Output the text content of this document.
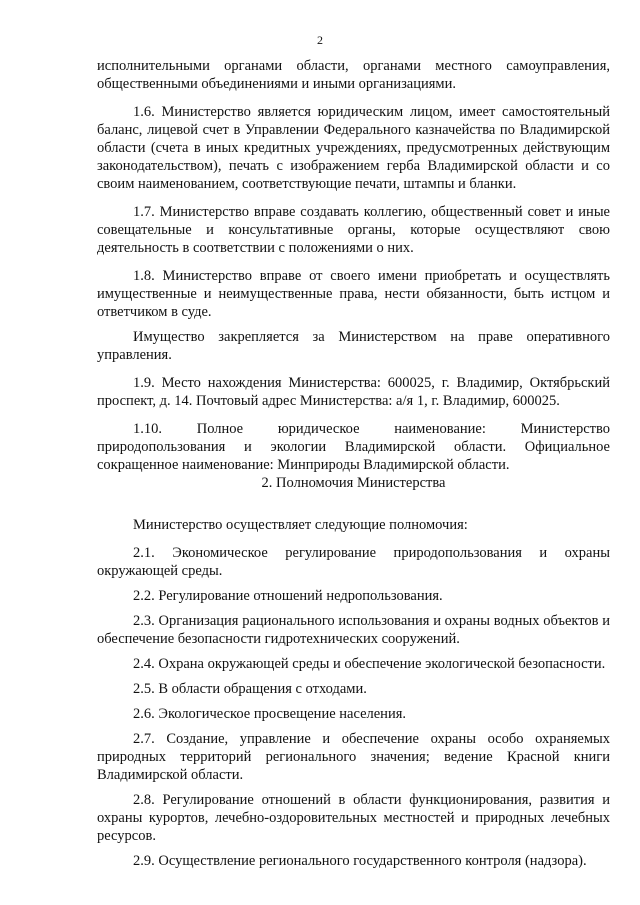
2

исполнительными органами области, органами местного самоуправления, общественными объединениями и иными организациями.

1.6. Министерство является юридическим лицом, имеет самостоятельный баланс, лицевой счет в Управлении Федерального казначейства по Владимирской области (счета в иных кредитных учреждениях, предусмотренных действующим законодательством), печать с изображением герба Владимирской области и со своим наименованием, соответствующие печати, штампы и бланки.

1.7. Министерство вправе создавать коллегию, общественный совет и иные совещательные и консультативные органы, которые осуществляют свою деятельность в соответствии с положениями о них.

1.8. Министерство вправе от своего имени приобретать и осуществлять имущественные и неимущественные права, нести обязанности, быть истцом и ответчиком в суде.

Имущество закрепляется за Министерством на праве оперативного управления.

1.9. Место нахождения Министерства: 600025, г. Владимир, Октябрьский проспект, д. 14. Почтовый адрес Министерства: а/я 1, г. Владимир, 600025.

1.10. Полное юридическое наименование: Министерство природопользования и экологии Владимирской области. Официальное сокращенное наименование: Минприроды Владимирской области.

2. Полномочия Министерства

Министерство осуществляет следующие полномочия:

2.1. Экономическое регулирование природопользования и охраны окружающей среды.

2.2. Регулирование отношений недропользования.

2.3. Организация рационального использования и охраны водных объектов и обеспечение безопасности гидротехнических сооружений.

2.4. Охрана окружающей среды и обеспечение экологической безопасности.

2.5. В области обращения с отходами.

2.6. Экологическое просвещение населения.

2.7. Создание, управление и обеспечение охраны особо охраняемых природных территорий регионального значения; ведение Красной книги Владимирской области.

2.8. Регулирование отношений в области функционирования, развития и охраны курортов, лечебно-оздоровительных местностей и природных лечебных ресурсов.

2.9. Осуществление регионального государственного контроля (надзора).
